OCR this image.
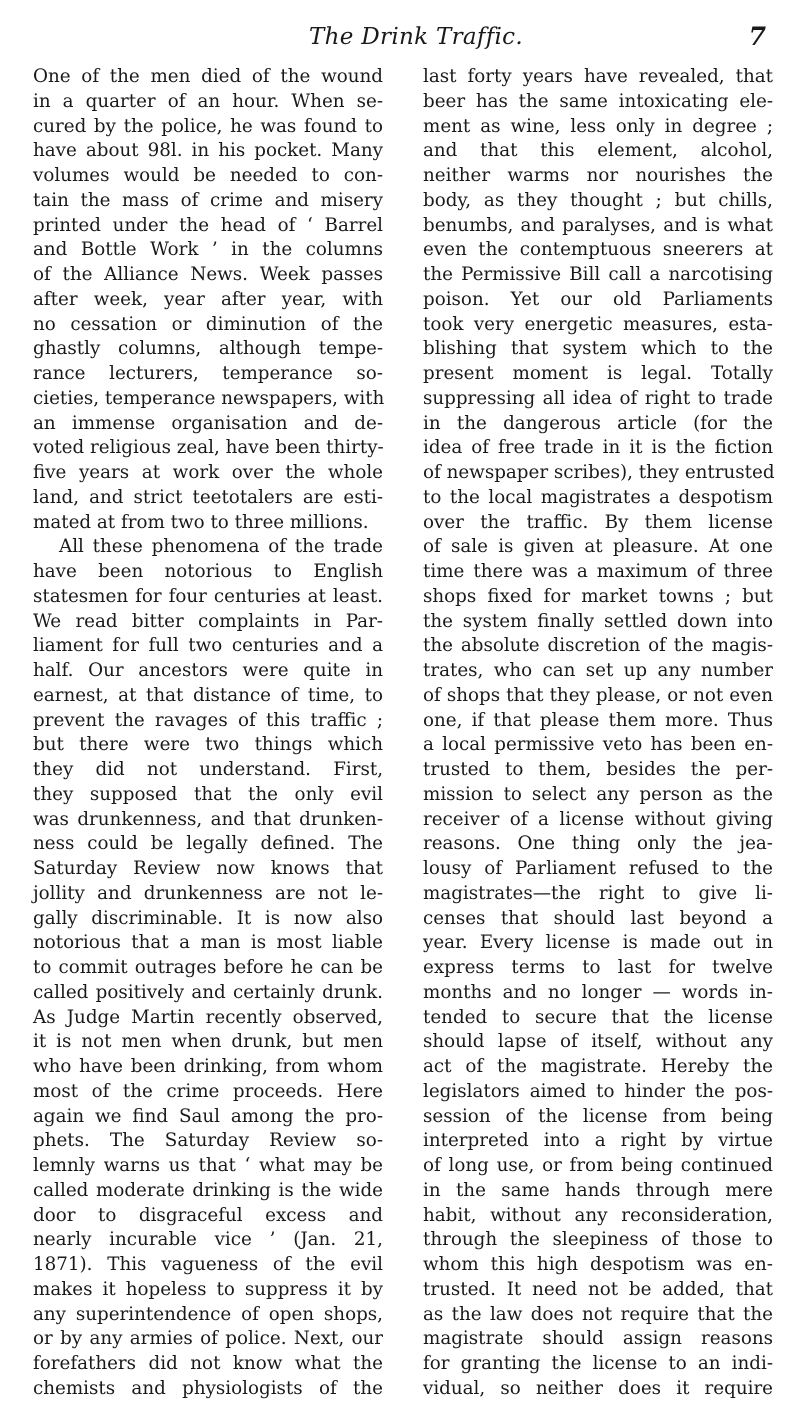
The Drink Traffic.	7
One of the men died of the wound
in a quarter of an hour. When se-
cured by the police, he was found to
have about 98l. in his pocket. Many
volumes would be needed to con-
tain the mass of crime and misery
printed under the head of ‘ Barrel
and Bottle Work ’ in the columns
of the Alliance News. Week passes
after week, year after year, with
no cessation or diminution of the
ghastly columns, although tempe-
rance lecturers, temperance so-
cieties, temperance newspapers, with
an immense organisation and de-
voted religious zeal, have been thirty-
five years at work over the whole
land, and strict teetotalers are esti-
mated at from two to three millions.
All these phenomena of the trade
have been notorious to English
statesmen for four centuries at least.
We read bitter complaints in Par-
liament for full two centuries and a
half. Our ancestors were quite in
earnest, at that distance of time, to
prevent the ravages of this traffic ;
but there were two things which
they did not understand. First,
they supposed that the only evil
was drunkenness, and that drunken-
ness could be legally defined. The
Saturday Review now knows that
jollity and drunkenness are not le-
gally discriminable. It is now also
notorious that a man is most liable
to commit outrages before he can be
called positively and certainly drunk.
As Judge Martin recently observed,
it is not men when drunk, but men
who have been drinking, from whom
most of the crime proceeds. Here
again we find Saul among the pro-
phets. The Saturday Review so-
lemnly warns us that ‘ what may be
called moderate drinking is the wide
door to disgraceful excess and
nearly incurable vice ’ (Jan. 21,
1871). This vagueness of the evil
makes it hopeless to suppress it by
any superintendence of open shops,
or by any armies of police. Next, our
forefathers did not know what the
chemists and physiologists of the
last forty years have revealed, that
beer has the same intoxicating ele-
ment as wine, less only in degree ;
and that this element, alcohol,
neither warms nor nourishes the
body, as they thought ; but chills,
benumbs, and paralyses, and is what
even the contemptuous sneerers at
the Permissive Bill call a narcotising
poison. Yet our old Parliaments
took very energetic measures, esta-
blishing that system which to the
present moment is legal. Totally
suppressing all idea of right to trade
in the dangerous article (for the
idea of free trade in it is the fiction
of newspaper scribes), they entrusted
to the local magistrates a despotism
over the traffic. By them license
of sale is given at pleasure. At one
time there was a maximum of three
shops fixed for market towns ; but
the system finally settled down into
the absolute discretion of the magis-
trates, who can set up any number
of shops that they please, or not even
one, if that please them more. Thus
a local permissive veto has been en-
trusted to them, besides the per-
mission to select any person as the
receiver of a license without giving
reasons. One thing only the jea-
lousy of Parliament refused to the
magistrates—the right to give li-
censes that should last beyond a
year. Every license is made out in
express terms to last for twelve
months and no longer — words in-
tended to secure that the license
should lapse of itself, without any
act of the magistrate. Hereby the
legislators aimed to hinder the pos-
session of the license from being
interpreted into a right by virtue
of long use, or from being continued
in the same hands through mere
habit, without any reconsideration,
through the sleepiness of those to
whom this high despotism was en-
trusted. It need not be added, that
as the law does not require that the
magistrate should assign reasons
for granting the license to an indi-
vidual, so neither does it require
